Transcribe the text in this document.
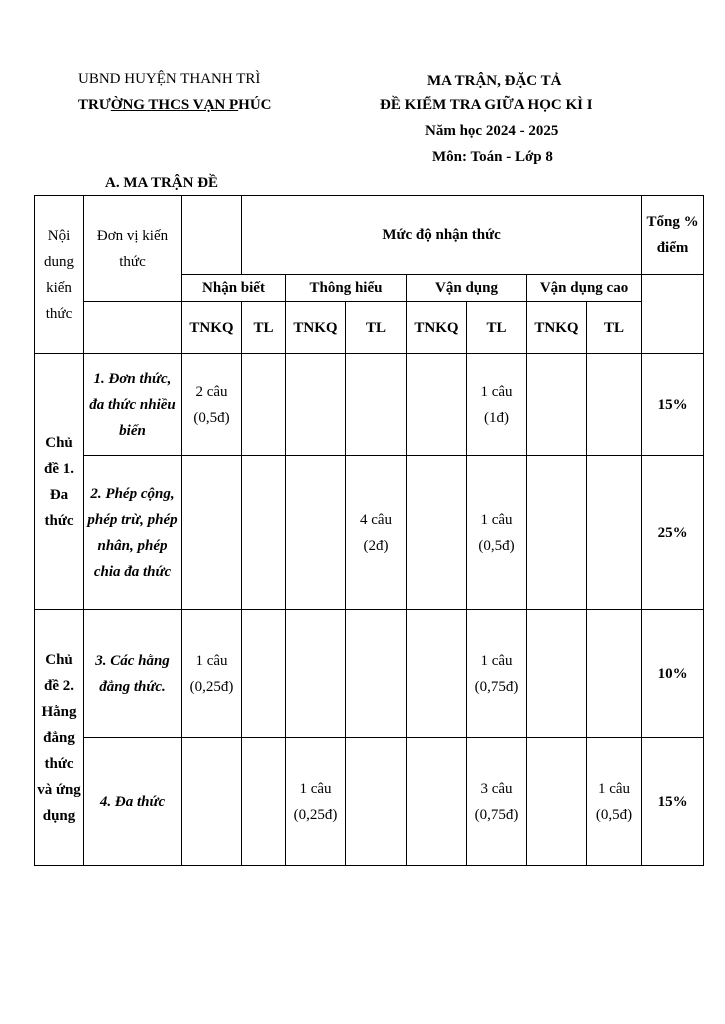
UBND HUYỆN THANH TRÌ
TRƯỜNG THCS VẠN PHÚC
MA TRẬN, ĐẶC TẢ
ĐỀ KIỂM TRA GIỮA HỌC KÌ I
Năm học 2024 - 2025
Môn: Toán - Lớp 8
A. MA TRẬN ĐỀ
Nội dung kiến thức	Đơn vị kiến thức		Mức độ nhận thức							Tổng % điểm
		Nhận biết		Thông hiểu		Vận dụng		Vận dụng cao		
		TNKQ	TL	TNKQ	TL	TNKQ	TL	TNKQ	TL	
Chủ đề 1. Đa thức	1. Đơn thức, đa thức nhiều biến	2 câu (0,5đ)					1 câu (1đ)			15%
	2. Phép cộng, phép trừ, phép nhân, phép chia đa thức				4 câu (2đ)		1 câu (0,5đ)			25%
Chủ đề 2. Hằng đẳng thức và ứng dụng	3. Các hằng đẳng thức.	1 câu (0,25đ)					1 câu (0,75đ)			10%
	4. Đa thức			1 câu (0,25đ)			3 câu (0,75đ)		1 câu (0,5đ)	15%
